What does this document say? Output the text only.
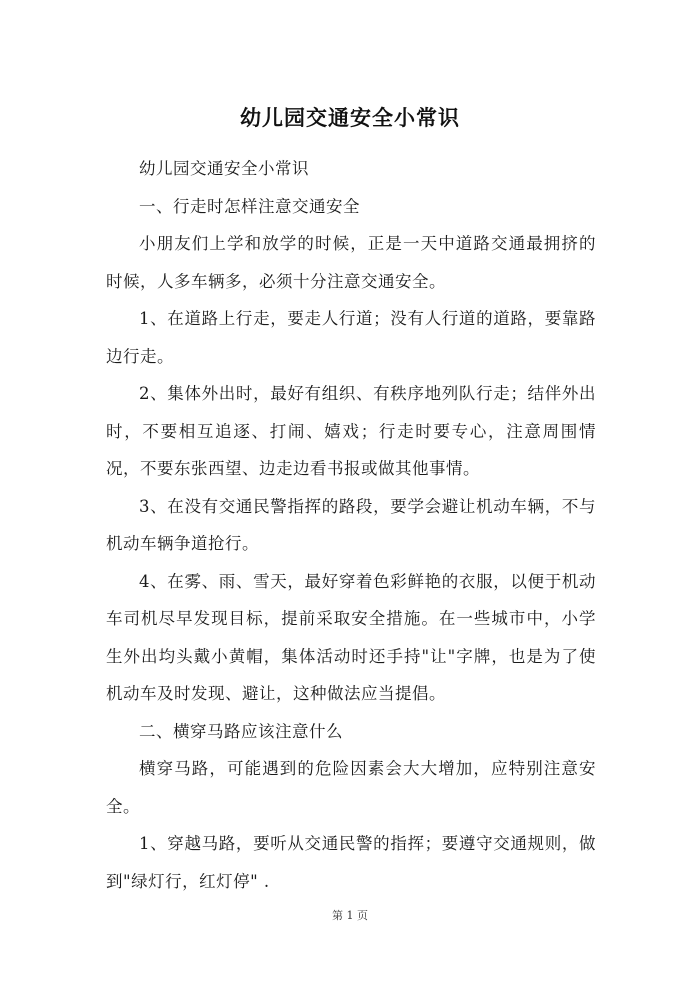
幼儿园交通安全小常识

幼儿园交通安全小常识

一、行走时怎样注意交通安全

小朋友们上学和放学的时候，正是一天中道路交通最拥挤的时候，人多车辆多，必须十分注意交通安全。

1、在道路上行走，要走人行道；没有人行道的道路，要靠路边行走。

2、集体外出时，最好有组织、有秩序地列队行走；结伴外出时，不要相互追逐、打闹、嬉戏；行走时要专心，注意周围情况，不要东张西望、边走边看书报或做其他事情。

3、在没有交通民警指挥的路段，要学会避让机动车辆，不与机动车辆争道抢行。

4、在雾、雨、雪天，最好穿着色彩鲜艳的衣服，以便于机动车司机尽早发现目标，提前采取安全措施。在一些城市中，小学生外出均头戴小黄帽，集体活动时还手持"让"字牌，也是为了使机动车及时发现、避让，这种做法应当提倡。

二、横穿马路应该注意什么

横穿马路，可能遇到的危险因素会大大增加，应特别注意安全。

1、穿越马路，要听从交通民警的指挥；要遵守交通规则，做到"绿灯行，红灯停" .

第 1 页
